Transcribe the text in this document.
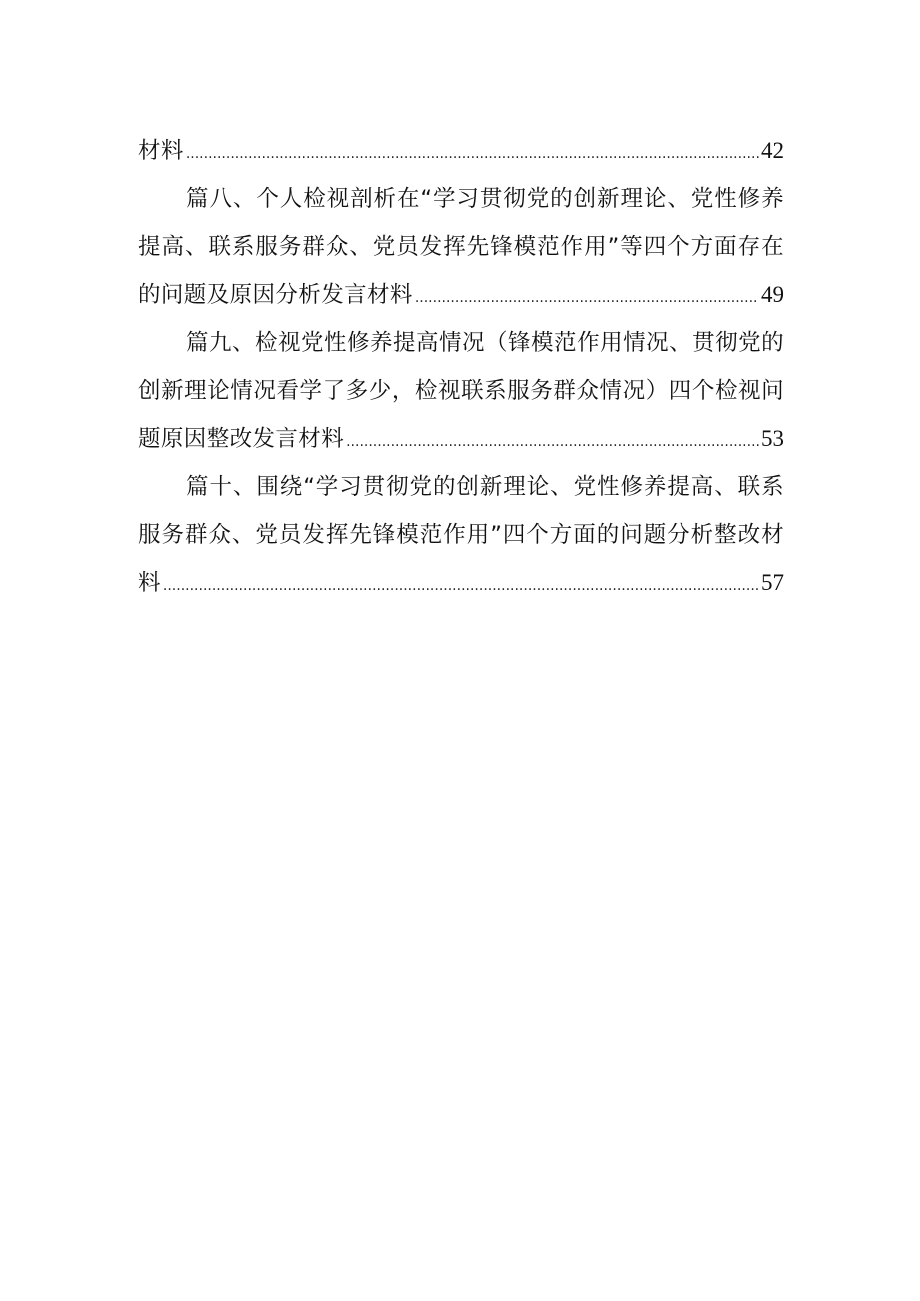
材料 .....	42
篇八、个人检视剖析在“学习贯彻党的创新理论、党性修养
提高、联系服务群众、党员发挥先锋模范作用”等四个方面存在
的问题及原因分析发言材料 .....	49
篇九、检视党性修养提高情况（锋模范作用情况、贯彻党的
创新理论情况看学了多少，检视联系服务群众情况）四个检视问
题原因整改发言材料 .....	53
篇十、围绕“学习贯彻党的创新理论、党性修养提高、联系
服务群众、党员发挥先锋模范作用”四个方面的问题分析整改材
料 .....	57
